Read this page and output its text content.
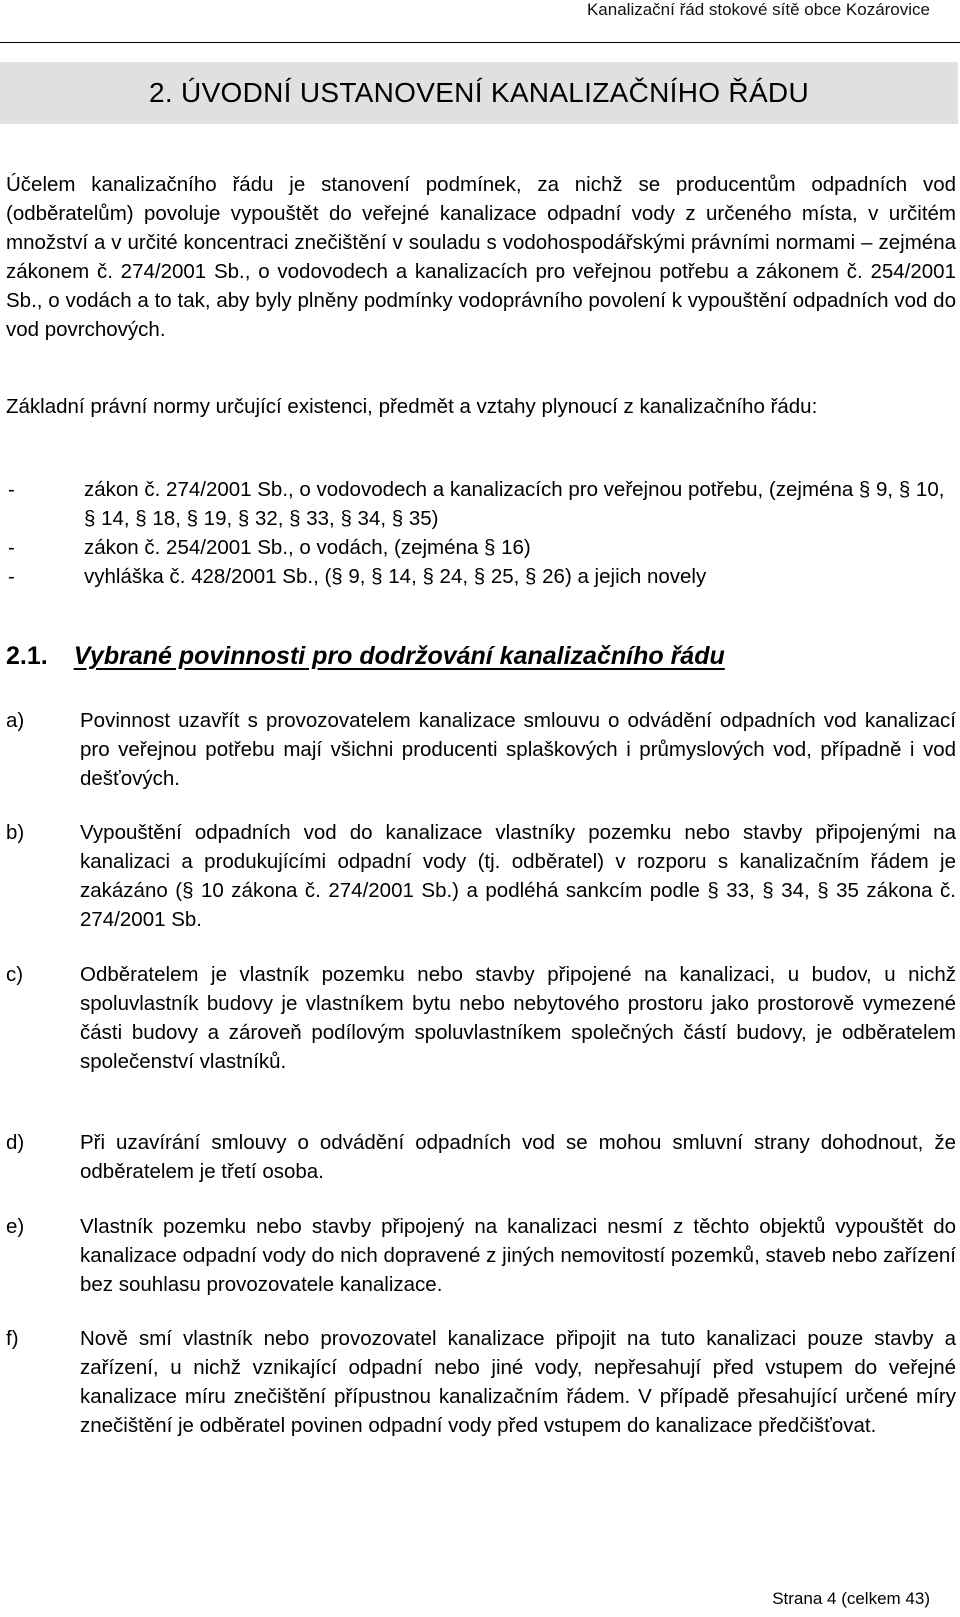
Kanalizační řád stokové sítě obce Kozárovice
2. ÚVODNÍ USTANOVENÍ KANALIZAČNÍHO ŘÁDU

Účelem kanalizačního řádu je stanovení podmínek, za nichž se producentům odpadních vod (odběratelům) povoluje vypouštět do veřejné kanalizace odpadní vody z určeného místa, v určitém množství a v určité koncentraci znečištění v souladu s vodohospodářskými právními normami – zejména zákonem č. 274/2001 Sb., o vodovodech a kanalizacích pro veřejnou potřebu a zákonem č. 254/2001 Sb., o vodách a to tak, aby byly plněny podmínky vodoprávního povolení k vypouštění odpadních vod do vod povrchových.

Základní právní normy určující existenci, předmět a vztahy plynoucí z kanalizačního řádu:

-	zákon č. 274/2001 Sb., o vodovodech a kanalizacích pro veřejnou potřebu, (zejména § 9, § 10, § 14, § 18, § 19, § 32, § 33, § 34, § 35)
-	zákon č. 254/2001 Sb., o vodách, (zejména § 16)
-	vyhláška č. 428/2001 Sb., (§ 9, § 14, § 24, § 25, § 26) a jejich novely
2.1. Vybrané povinnosti pro dodržování kanalizačního řádu
a)	Povinnost uzavřít s provozovatelem kanalizace smlouvu o odvádění odpadních vod kanalizací pro veřejnou potřebu mají všichni producenti splaškových i průmyslových vod, případně i vod dešťových.
b)	Vypouštění odpadních vod do kanalizace vlastníky pozemku nebo stavby připojenými na kanalizaci a produkujícími odpadní vody (tj. odběratel) v rozporu s kanalizačním řádem je zakázáno (§ 10 zákona č. 274/2001 Sb.) a podléhá sankcím podle § 33, § 34, § 35 zákona č. 274/2001 Sb.
c)	Odběratelem je vlastník pozemku nebo stavby připojené na kanalizaci, u budov, u nichž spoluvlastník budovy je vlastníkem bytu nebo nebytového prostoru jako prostorově vymezené části budovy a zároveň podílovým spoluvlastníkem společných částí budovy, je odběratelem společenství vlastníků.
d)	Při uzavírání smlouvy o odvádění odpadních vod se mohou smluvní strany dohodnout, že odběratelem je třetí osoba.
e)	Vlastník pozemku nebo stavby připojený na kanalizaci nesmí z těchto objektů vypouštět do kanalizace odpadní vody do nich dopravené z jiných nemovitostí pozemků, staveb nebo zařízení bez souhlasu provozovatele kanalizace.
f)	Nově smí vlastník nebo provozovatel kanalizace připojit na tuto kanalizaci pouze stavby a zařízení, u nichž vznikající odpadní nebo jiné vody, nepřesahují před vstupem do veřejné kanalizace míru znečištění přípustnou kanalizačním řádem. V případě přesahující určené míry znečištění je odběratel povinen odpadní vody před vstupem do kanalizace předčišťovat.
Strana 4 (celkem 43)
